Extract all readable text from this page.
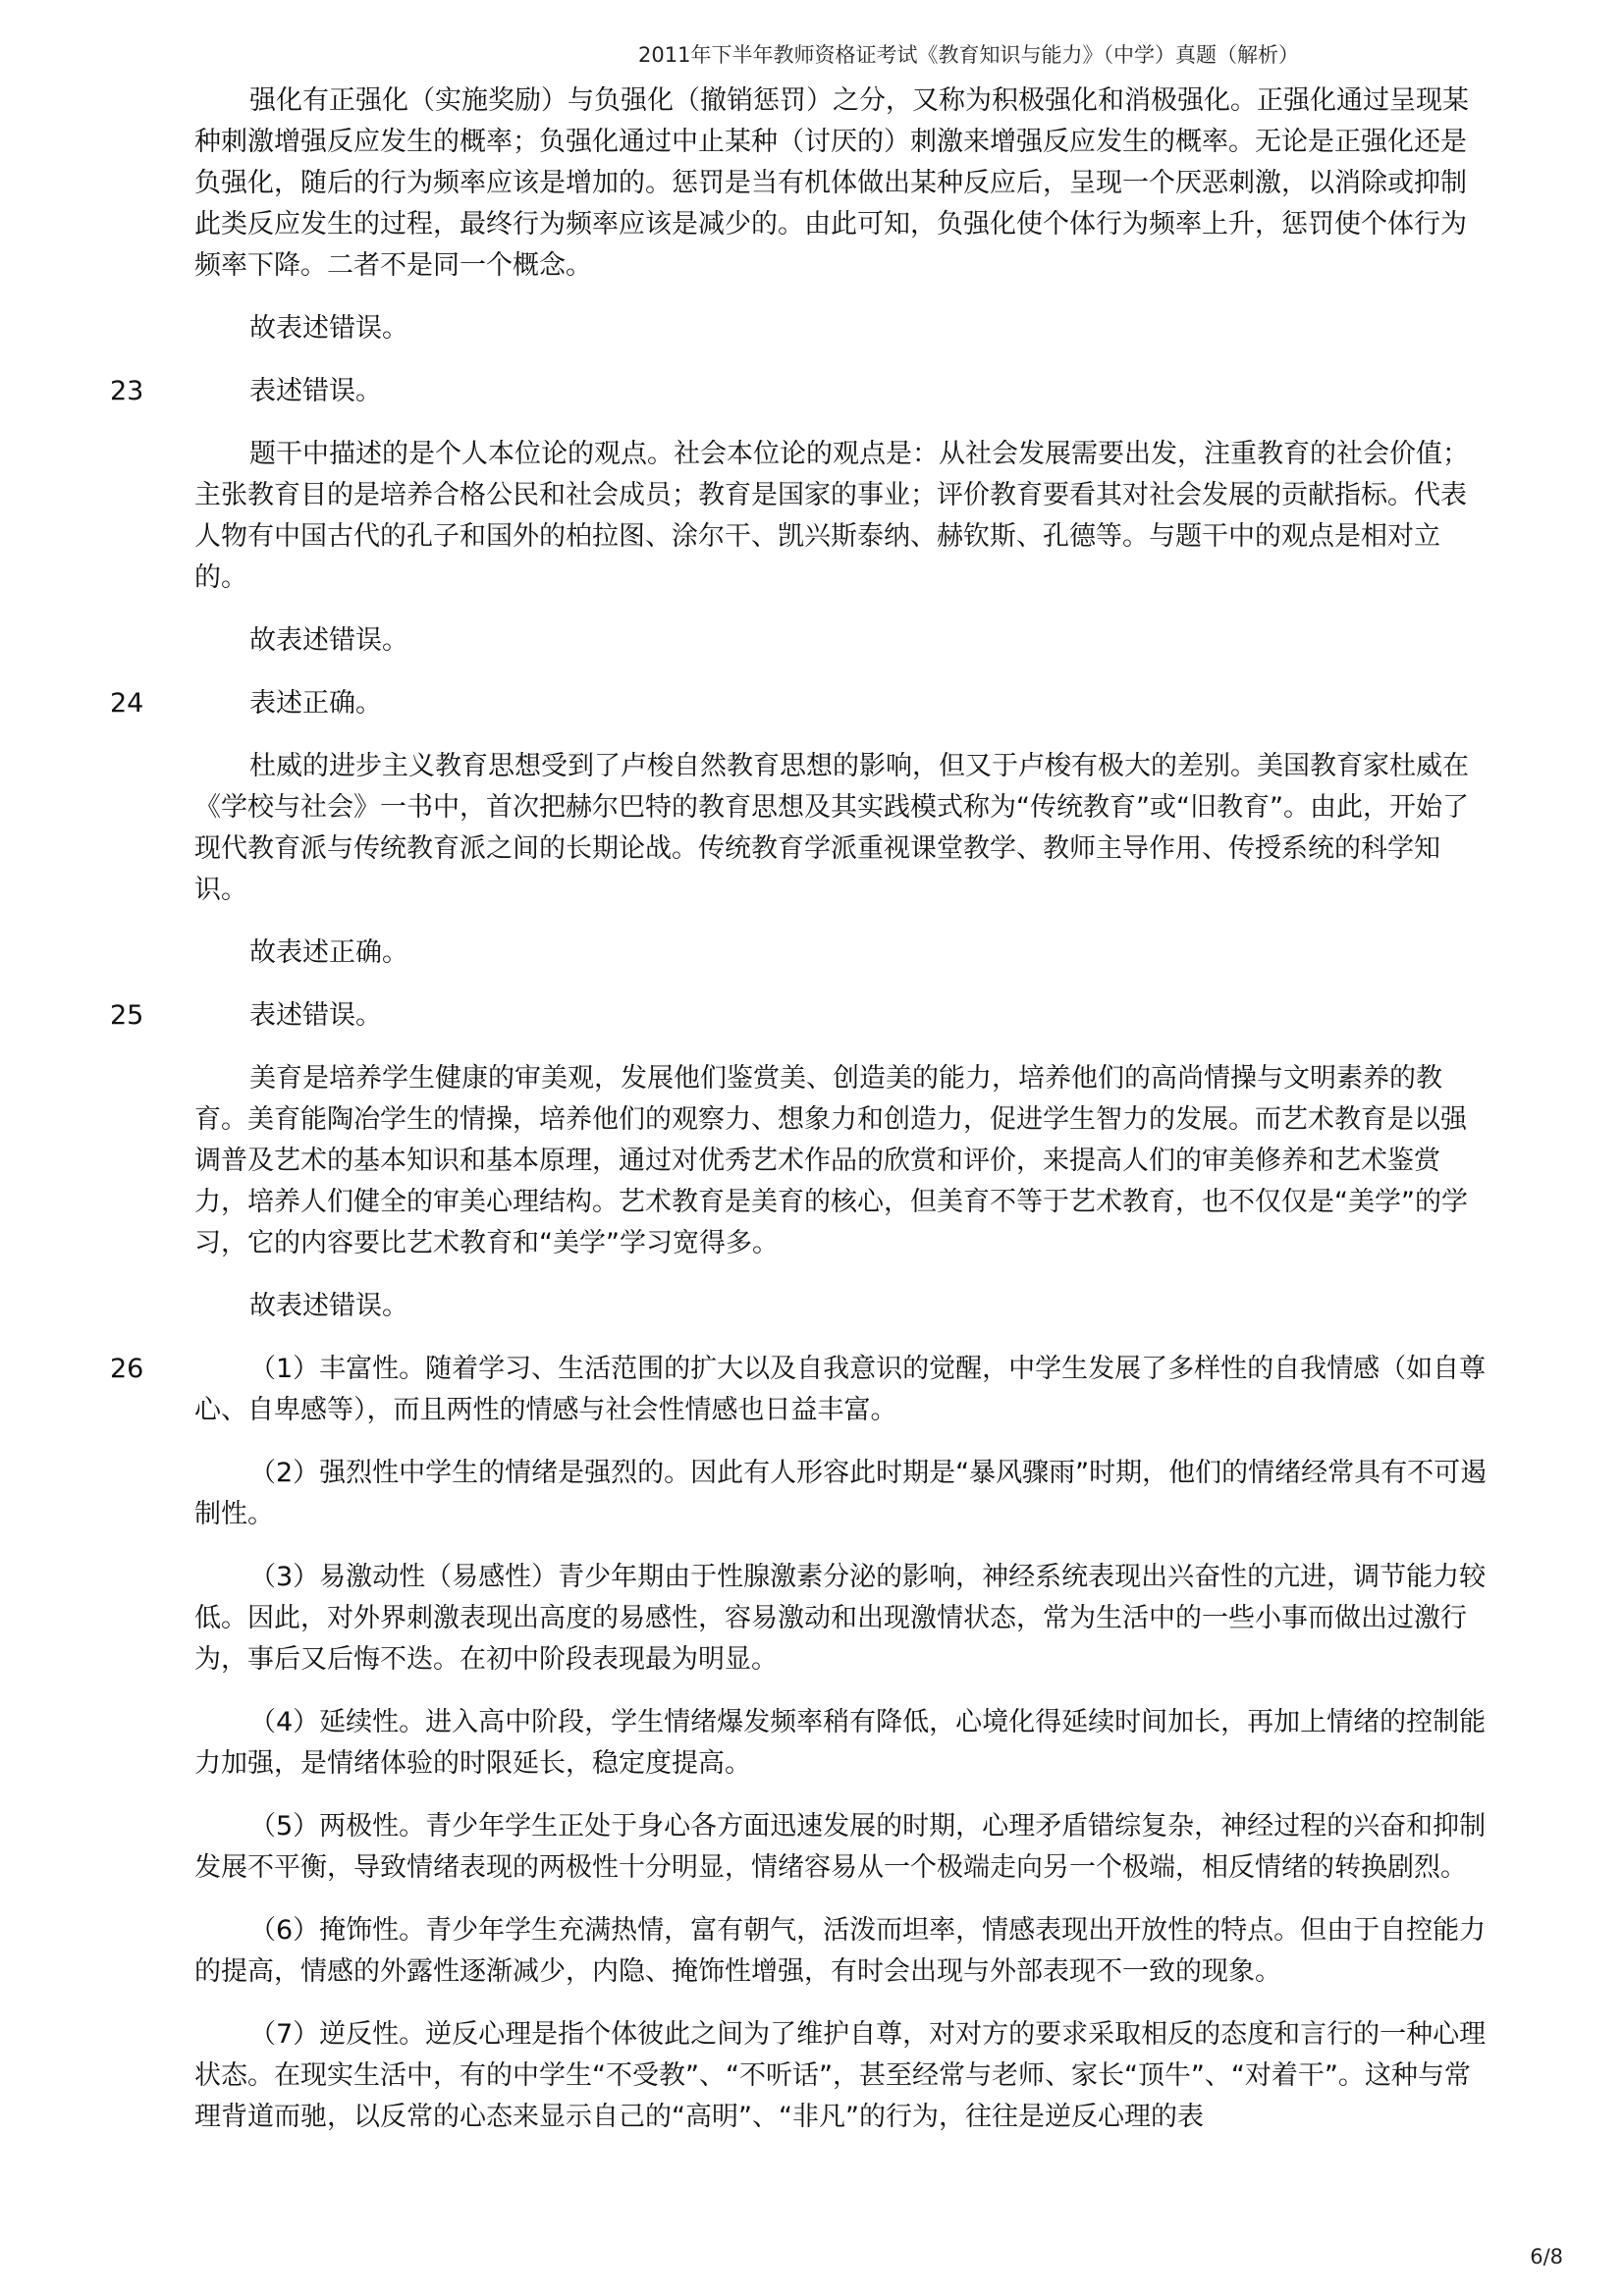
2011年下半年教师资格证考试《教育知识与能力》（中学）真题（解析）

强化有正强化（实施奖励）与负强化（撤销惩罚）之分，又称为积极强化和消极强化。正强化通过呈现某种刺激增强反应发生的概率；负强化通过中止某种（讨厌的）刺激来增强反应发生的概率。无论是正强化还是负强化，随后的行为频率应该是增加的。惩罚是当有机体做出某种反应后，呈现一个厌恶刺激，以消除或抑制此类反应发生的过程，最终行为频率应该是减少的。由此可知，负强化使个体行为频率上升，惩罚使个体行为频率下降。二者不是同一个概念。

故表述错误。

23	表述错误。

题干中描述的是个人本位论的观点。社会本位论的观点是：从社会发展需要出发，注重教育的社会价值；主张教育目的是培养合格公民和社会成员；教育是国家的事业；评价教育要看其对社会发展的贡献指标。代表人物有中国古代的孔子和国外的柏拉图、涂尔干、凯兴斯泰纳、赫钦斯、孔德等。与题干中的观点是相对立的。

故表述错误。

24	表述正确。

杜威的进步主义教育思想受到了卢梭自然教育思想的影响，但又于卢梭有极大的差别。美国教育家杜威在《学校与社会》一书中，首次把赫尔巴特的教育思想及其实践模式称为“传统教育”或“旧教育”。由此，开始了现代教育派与传统教育派之间的长期论战。传统教育学派重视课堂教学、教师主导作用、传授系统的科学知识。

故表述正确。

25	表述错误。

美育是培养学生健康的审美观，发展他们鉴赏美、创造美的能力，培养他们的高尚情操与文明素养的教育。美育能陶冶学生的情操，培养他们的观察力、想象力和创造力，促进学生智力的发展。而艺术教育是以强调普及艺术的基本知识和基本原理，通过对优秀艺术作品的欣赏和评价，来提高人们的审美修养和艺术鉴赏力，培养人们健全的审美心理结构。艺术教育是美育的核心，但美育不等于艺术教育，也不仅仅是“美学”的学习，它的内容要比艺术教育和“美学”学习宽得多。

故表述错误。

26	（1）丰富性。随着学习、生活范围的扩大以及自我意识的觉醒，中学生发展了多样性的自我情感（如自尊心、自卑感等），而且两性的情感与社会性情感也日益丰富。

（2）强烈性中学生的情绪是强烈的。因此有人形容此时期是“暴风骤雨”时期，他们的情绪经常具有不可遏制性。

（3）易激动性（易感性）青少年期由于性腺激素分泌的影响，神经系统表现出兴奋性的亢进，调节能力较低。因此，对外界刺激表现出高度的易感性，容易激动和出现激情状态，常为生活中的一些小事而做出过激行为，事后又后悔不迭。在初中阶段表现最为明显。

（4）延续性。进入高中阶段，学生情绪爆发频率稍有降低，心境化得延续时间加长，再加上情绪的控制能力加强，是情绪体验的时限延长，稳定度提高。

（5）两极性。青少年学生正处于身心各方面迅速发展的时期，心理矛盾错综复杂，神经过程的兴奋和抑制发展不平衡，导致情绪表现的两极性十分明显，情绪容易从一个极端走向另一个极端，相反情绪的转换剧烈。

（6）掩饰性。青少年学生充满热情，富有朝气，活泼而坦率，情感表现出开放性的特点。但由于自控能力的提高，情感的外露性逐渐减少，内隐、掩饰性增强，有时会出现与外部表现不一致的现象。

（7）逆反性。逆反心理是指个体彼此之间为了维护自尊，对对方的要求采取相反的态度和言行的一种心理状态。在现实生活中，有的中学生“不受教”、“不听话”，甚至经常与老师、家长“顶牛”、“对着干”。这种与常理背道而驰，以反常的心态来显示自己的“高明”、“非凡”的行为，往往是逆反心理的表

6/8
